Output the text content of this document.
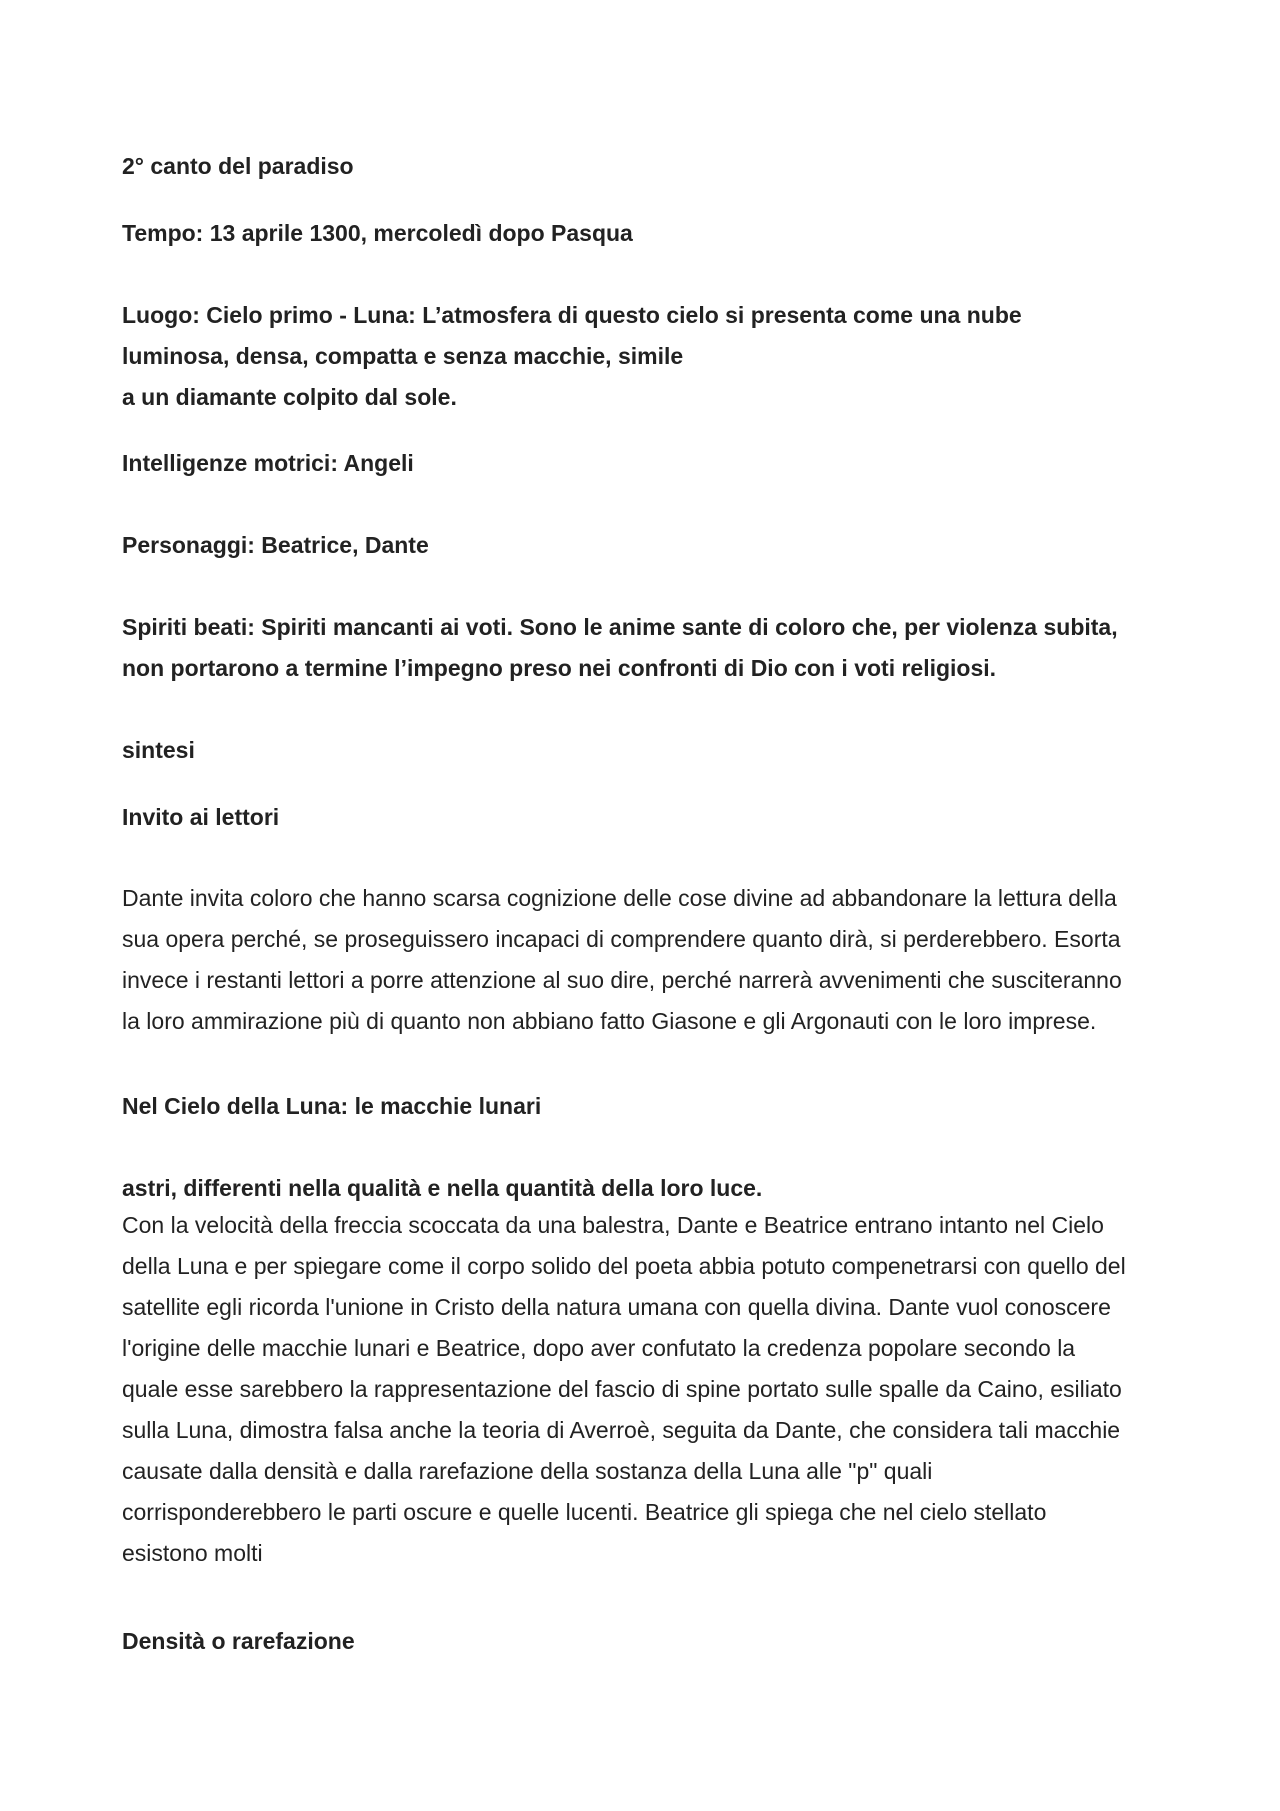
2° canto del paradiso
Tempo: 13 aprile 1300, mercoledì dopo Pasqua
Luogo: Cielo primo - Luna: L’atmosfera di questo cielo si presenta come una nube
luminosa, densa, compatta e senza macchie, simile
a un diamante colpito dal sole.
Intelligenze motrici: Angeli
Personaggi: Beatrice, Dante
Spiriti beati: Spiriti mancanti ai voti. Sono le anime sante di coloro che, per violenza subita,
non portarono a termine l’impegno preso nei confronti di Dio con i voti religiosi.
sintesi
Invito ai lettori
Dante invita coloro che hanno scarsa cognizione delle cose divine ad abbandonare la lettura della
sua opera perché, se proseguissero incapaci di comprendere quanto dirà, si perderebbero. Esorta
invece i restanti lettori a porre attenzione al suo dire, perché narrerà avvenimenti che susciteranno
la loro ammirazione più di quanto non abbiano fatto Giasone e gli Argonauti con le loro imprese.
Nel Cielo della Luna: le macchie lunari
astri, differenti nella qualità e nella quantità della loro luce.
Con la velocità della freccia scoccata da una balestra, Dante e Beatrice entrano intanto nel Cielo
della Luna e per spiegare come il corpo solido del poeta abbia potuto compenetrarsi con quello del
satellite egli ricorda l'unione in Cristo della natura umana con quella divina. Dante vuol conoscere
l'origine delle macchie lunari e Beatrice, dopo aver confutato la credenza popolare secondo la
quale esse sarebbero la rappresentazione del fascio di spine portato sulle spalle da Caino, esiliato
sulla Luna, dimostra falsa anche la teoria di Averroè, seguita da Dante, che considera tali macchie
causate dalla densità e dalla rarefazione della sostanza della Luna alle "p" quali
corrisponderebbero le parti oscure e quelle lucenti. Beatrice gli spiega che nel cielo stellato
esistono molti
Densità o rarefazione
